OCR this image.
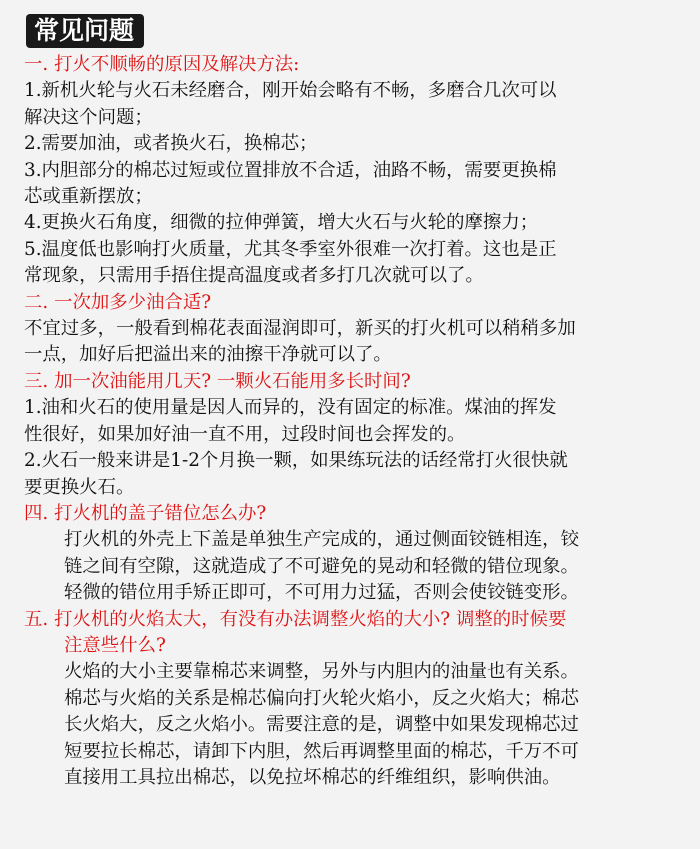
常见问题

一. 打火不顺畅的原因及解决方法:

1.新机火轮与火石未经磨合，刚开始会略有不畅，多磨合几次可以

解决这个问题；

2.需要加油，或者换火石，换棉芯；

3.内胆部分的棉芯过短或位置排放不合适，油路不畅，需要更换棉

芯或重新摆放；

4.更换火石角度，细微的拉伸弹簧，增大火石与火轮的摩擦力；

5.温度低也影响打火质量，尤其冬季室外很难一次打着。这也是正

常现象，只需用手捂住提高温度或者多打几次就可以了。

二. 一次加多少油合适?

不宜过多，一般看到棉花表面湿润即可，新买的打火机可以稍稍多加

一点，加好后把溢出来的油擦干净就可以了。

三. 加一次油能用几天? 一颗火石能用多长时间?

1.油和火石的使用量是因人而异的，没有固定的标准。煤油的挥发

性很好，如果加好油一直不用，过段时间也会挥发的。

2.火石一般来讲是1-2个月换一颗，如果练玩法的话经常打火很快就

要更换火石。

四. 打火机的盖子错位怎么办?

打火机的外壳上下盖是单独生产完成的，通过侧面铰链相连，铰

链之间有空隙，这就造成了不可避免的晃动和轻微的错位现象。

轻微的错位用手矫正即可，不可用力过猛，否则会使铰链变形。

五. 打火机的火焰太大，有没有办法调整火焰的大小? 调整的时候要

注意些什么?

火焰的大小主要靠棉芯来调整，另外与内胆内的油量也有关系。

棉芯与火焰的关系是棉芯偏向打火轮火焰小，反之火焰大；棉芯

长火焰大，反之火焰小。需要注意的是，调整中如果发现棉芯过

短要拉长棉芯，请卸下内胆，然后再调整里面的棉芯，千万不可

直接用工具拉出棉芯，以免拉坏棉芯的纤维组织，影响供油。
